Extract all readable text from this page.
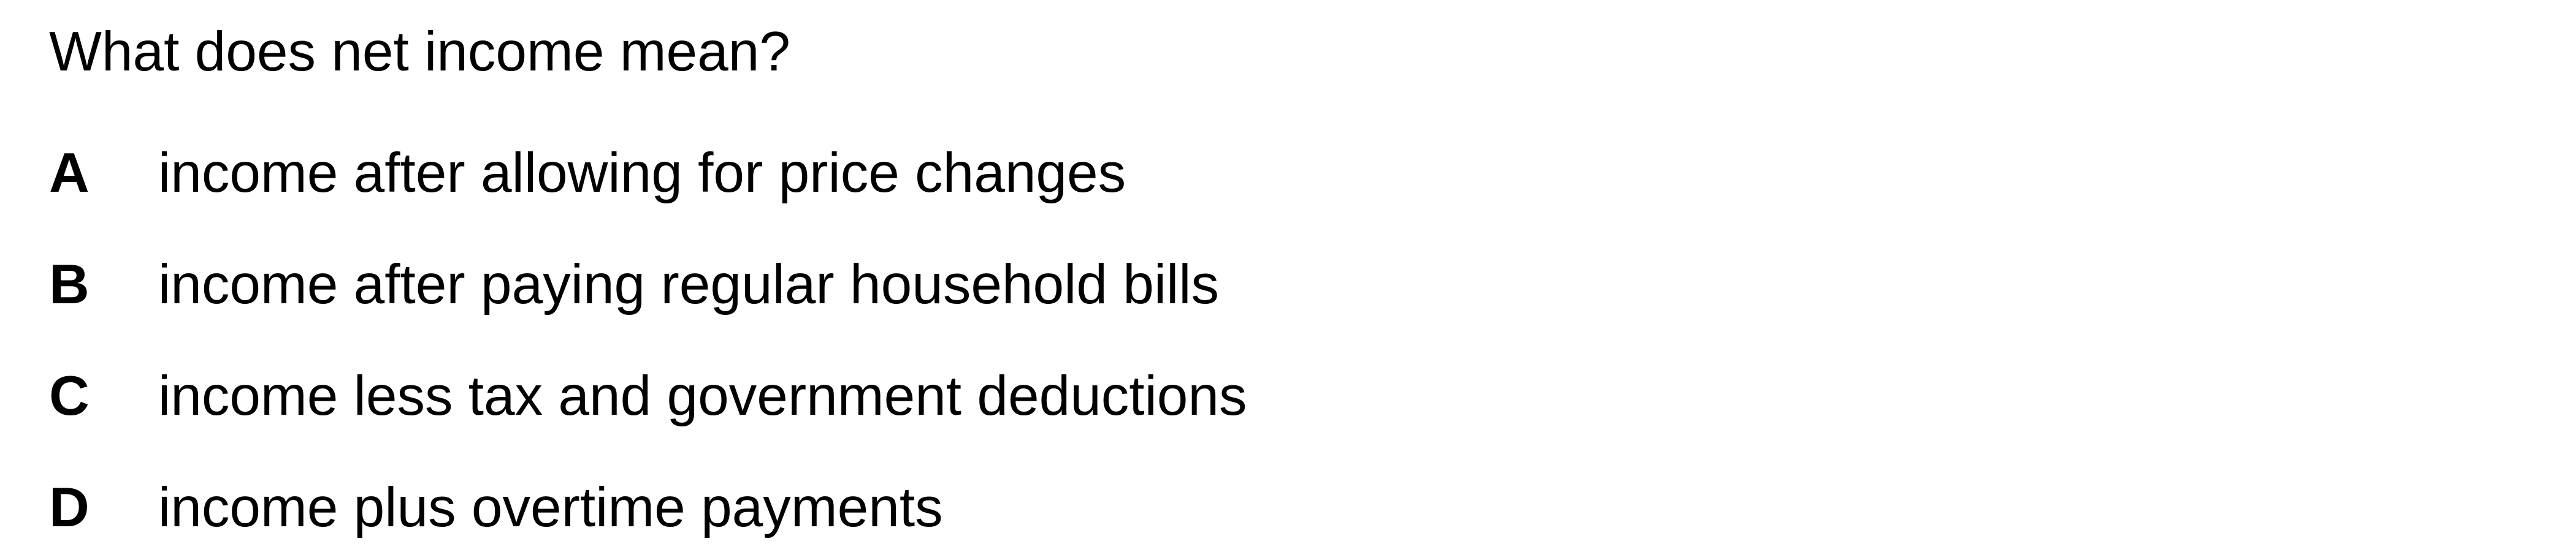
What does net income mean?
A income after allowing for price changes
B income after paying regular household bills
C income less tax and government deductions
D income plus overtime payments
